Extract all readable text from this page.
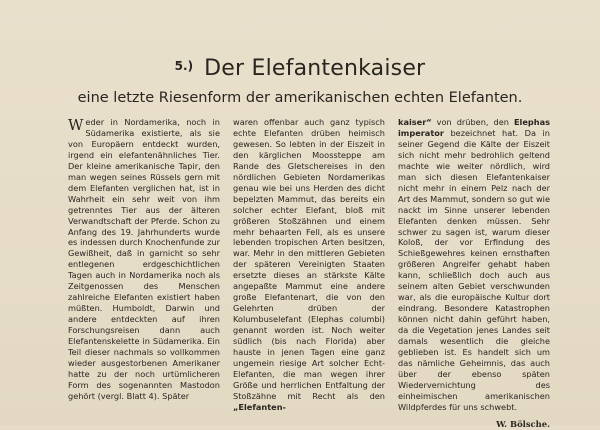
$^{5.)}$ Der Elefantenkaiser
eine letzte Riesenform der amerikanischen echten Elefanten.

Weder in Nordamerika, noch in Südamerika existierte, als sie von Europäern entdeckt wurden, irgend ein elefantenähnliches Tier. Der kleine amerikanische Tapir, den man wegen seines Rüssels gern mit dem Elefanten verglichen hat, ist in Wahrheit ein sehr weit von ihm getrenntes Tier aus der älteren Verwandtschaft der Pferde. Schon zu Anfang des 19. Jahrhunderts wurde es indessen durch Knochenfunde zur Gewißheit, daß in garnicht so sehr entlegenen erdgeschichtlichen Tagen auch in Nordamerika noch als Zeitgenossen des Menschen zahlreiche Elefanten existiert haben müßten. Humboldt, Darwin und andere entdeckten auf ihren Forschungsreisen dann auch Elefantenskelette in Südamerika. Ein Teil dieser nachmals so vollkommen wieder ausgestorbenen Amerikaner hatte zu der noch urtümlicheren Form des sogenannten Mastodon gehört (vergl. Blatt 4). Später

waren offenbar auch ganz typisch echte Elefanten drüben heimisch gewesen. So lebten in der Eiszeit in den kärglichen Moossteppe am Rande des Gletschereises in den nördlichen Gebieten Nordamerikas genau wie bei uns Herden des dicht bepelzten Mammut, das bereits ein solcher echter Elefant, bloß mit größeren Stoßzähnen und einem mehr behaarten Fell, als es unsere lebenden tropischen Arten besitzen, war. Mehr in den mittleren Gebieten der späteren Vereinigten Staaten ersetzte dieses an stärkste Kälte angepaßte Mammut eine andere große Elefantenart, die von den Gelehrten drüben der Kolumbuselefant (Elephas columbi) genannt worden ist. Noch weiter südlich (bis nach Florida) aber hauste in jenen Tagen eine ganz ungemein riesige Art solcher Echt-Elefanten, die man wegen ihrer Größe und herrlichen Entfaltung der Stoßzähne mit Recht als den „Elefanten-

kaiser“ von drüben, den Elephas imperator bezeichnet hat. Da in seiner Gegend die Kälte der Eiszeit sich nicht mehr bedrohlich geltend machte wie weiter nördlich, wird man sich diesen Elefantenkaiser nicht mehr in einem Pelz nach der Art des Mammut, sondern so gut wie nackt im Sinne unserer lebenden Elefanten denken müssen. Sehr schwer zu sagen ist, warum dieser Koloß, der vor Erfindung des Schießgewehres keinen ernsthaften größeren Angreifer gehabt haben kann, schließlich doch auch aus seinem alten Gebiet verschwunden war, als die europäische Kultur dort eindrang. Besondere Katastrophen können nicht dahin geführt haben, da die Vegetation jenes Landes seit damals wesentlich die gleiche geblieben ist. Es handelt sich um das nämliche Geheimnis, das auch über der ebenso späten Wiedervernichtung des einheimischen amerikanischen Wildpferdes für uns schwebt.

W. Bölsche.
